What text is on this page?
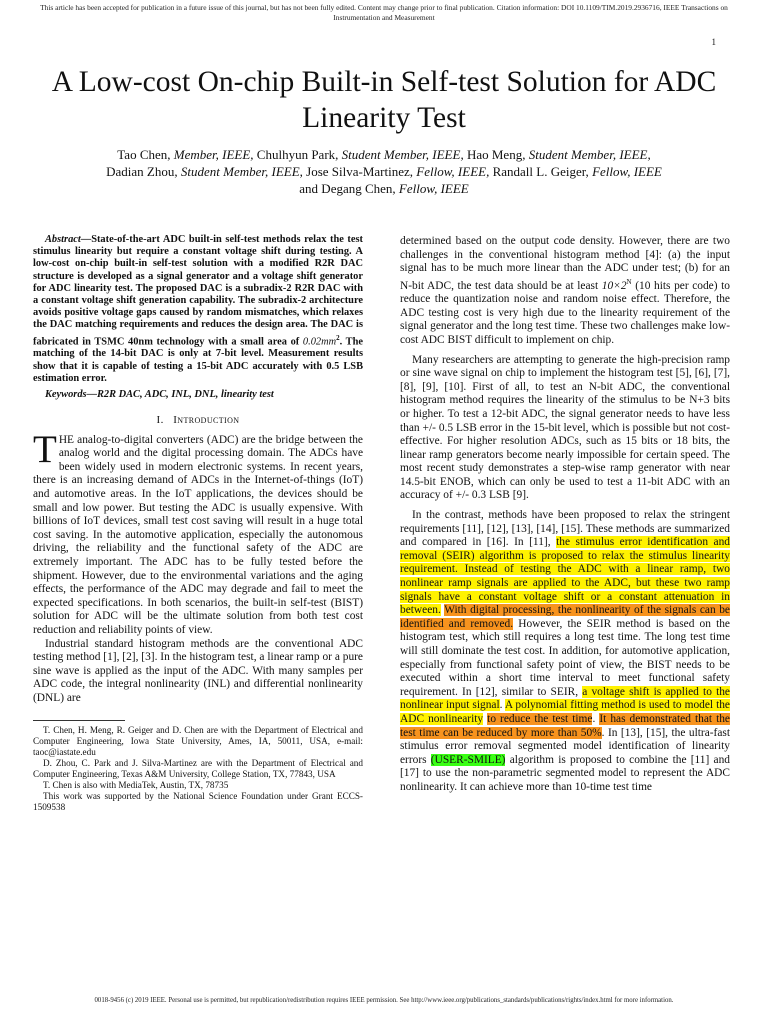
This article has been accepted for publication in a future issue of this journal, but has not been fully edited. Content may change prior to final publication. Citation information: DOI 10.1109/TIM.2019.2936716, IEEE Transactions on Instrumentation and Measurement
1
A Low-cost On-chip Built-in Self-test Solution for ADC Linearity Test
Tao Chen, Member, IEEE, Chulhyun Park, Student Member, IEEE, Hao Meng, Student Member, IEEE,
Dadian Zhou, Student Member, IEEE, Jose Silva-Martinez, Fellow, IEEE, Randall L. Geiger, Fellow, IEEE
and Degang Chen, Fellow, IEEE

Abstract—State-of-the-art ADC built-in self-test methods relax the test stimulus linearity but require a constant voltage shift during testing. A low-cost on-chip built-in self-test solution with a modified R2R DAC structure is developed as a signal generator and a voltage shift generator for ADC linearity test. The proposed DAC is a subradix-2 R2R DAC with a constant voltage shift generation capability. The subradix-2 architecture avoids positive voltage gaps caused by random mismatches, which relaxes the DAC matching requirements and reduces the design area. The DAC is fabricated in TSMC 40nm technology with a small area of $0.02mm^2$. The matching of the 14-bit DAC is only at 7-bit level. Measurement results show that it is capable of testing a 15-bit ADC accurately with 0.5 LSB estimation error.

Keywords—R2R DAC, ADC, INL, DNL, linearity test

I. Introduction

THE analog-to-digital converters (ADC) are the bridge between the analog world and the digital processing domain. The ADCs have been widely used in modern electronic systems. In recent years, there is an increasing demand of ADCs in the Internet-of-things (IoT) and automotive areas. In the IoT applications, the devices should be small and low power. But testing the ADC is usually expensive. With billions of IoT devices, small test cost saving will result in a huge total cost saving. In the automotive application, especially the autonomous driving, the reliability and the functional safety of the ADC are extremely important. The ADC has to be fully tested before the shipment. However, due to the environmental variations and the aging effects, the performance of the ADC may degrade and fail to meet the expected specifications. In both scenarios, the built-in self-test (BIST) solution for ADC will be the ultimate solution from both test cost reduction and reliability points of view.

Industrial standard histogram methods are the conventional ADC testing method [1], [2], [3]. In the histogram test, a linear ramp or a pure sine wave is applied as the input of the ADC. With many samples per ADC code, the integral nonlinearity (INL) and differential nonlinearity (DNL) are

T. Chen, H. Meng, R. Geiger and D. Chen are with the Department of Electrical and Computer Engineering, Iowa State University, Ames, IA, 50011, USA, e-mail: taoc@iastate.edu

D. Zhou, C. Park and J. Silva-Martinez are with the Department of Electrical and Computer Engineering, Texas A&M University, College Station, TX, 77843, USA

T. Chen is also with MediaTek, Austin, TX, 78735

This work was supported by the National Science Foundation under Grant ECCS-1509538

determined based on the output code density. However, there are two challenges in the conventional histogram method [4]: (a) the input signal has to be much more linear than the ADC under test; (b) for an N-bit ADC, the test data should be at least $10\times 2^N$ (10 hits per code) to reduce the quantization noise and random noise effect. Therefore, the ADC testing cost is very high due to the linearity requirement of the signal generator and the long test time. These two challenges make low-cost ADC BIST difficult to implement on chip.

Many researchers are attempting to generate the high-precision ramp or sine wave signal on chip to implement the histogram test [5], [6], [7], [8], [9], [10]. First of all, to test an N-bit ADC, the conventional histogram method requires the linearity of the stimulus to be N+3 bits or higher. To test a 12-bit ADC, the signal generator needs to have less than +/- 0.5 LSB error in the 15-bit level, which is possible but not cost-effective. For higher resolution ADCs, such as 15 bits or 18 bits, the linear ramp generators become nearly impossible for certain speed. The most recent study demonstrates a step-wise ramp generator with near 14.5-bit ENOB, which can only be used to test a 11-bit ADC with an accuracy of +/- 0.3 LSB [9].

In the contrast, methods have been proposed to relax the stringent requirements [11], [12], [13], [14], [15]. These methods are summarized and compared in [16]. In [11], the stimulus error identification and removal (SEIR) algorithm is proposed to relax the stimulus linearity requirement. Instead of testing the ADC with a linear ramp, two nonlinear ramp signals are applied to the ADC, but these two ramp signals have a constant voltage shift or a constant attenuation in between. With digital processing, the nonlinearity of the signals can be identified and removed. However, the SEIR method is based on the histogram test, which still requires a long test time. The long test time will still dominate the test cost. In addition, for automotive application, especially from functional safety point of view, the BIST needs to be executed within a short time interval to meet functional safety requirement. In [12], similar to SEIR, a voltage shift is applied to the nonlinear input signal. A polynomial fitting method is used to model the ADC nonlinearity to reduce the test time. It has demonstrated that the test time can be reduced by more than 50%. In [13], [15], the ultra-fast stimulus error removal segmented model identification of linearity errors (USER-SMILE) algorithm is proposed to combine the [11] and [17] to use the non-parametric segmented model to represent the ADC nonlinearity. It can achieve more than 10-time test time

0018-9456 (c) 2019 IEEE. Personal use is permitted, but republication/redistribution requires IEEE permission. See http://www.ieee.org/publications_standards/publications/rights/index.html for more information.
